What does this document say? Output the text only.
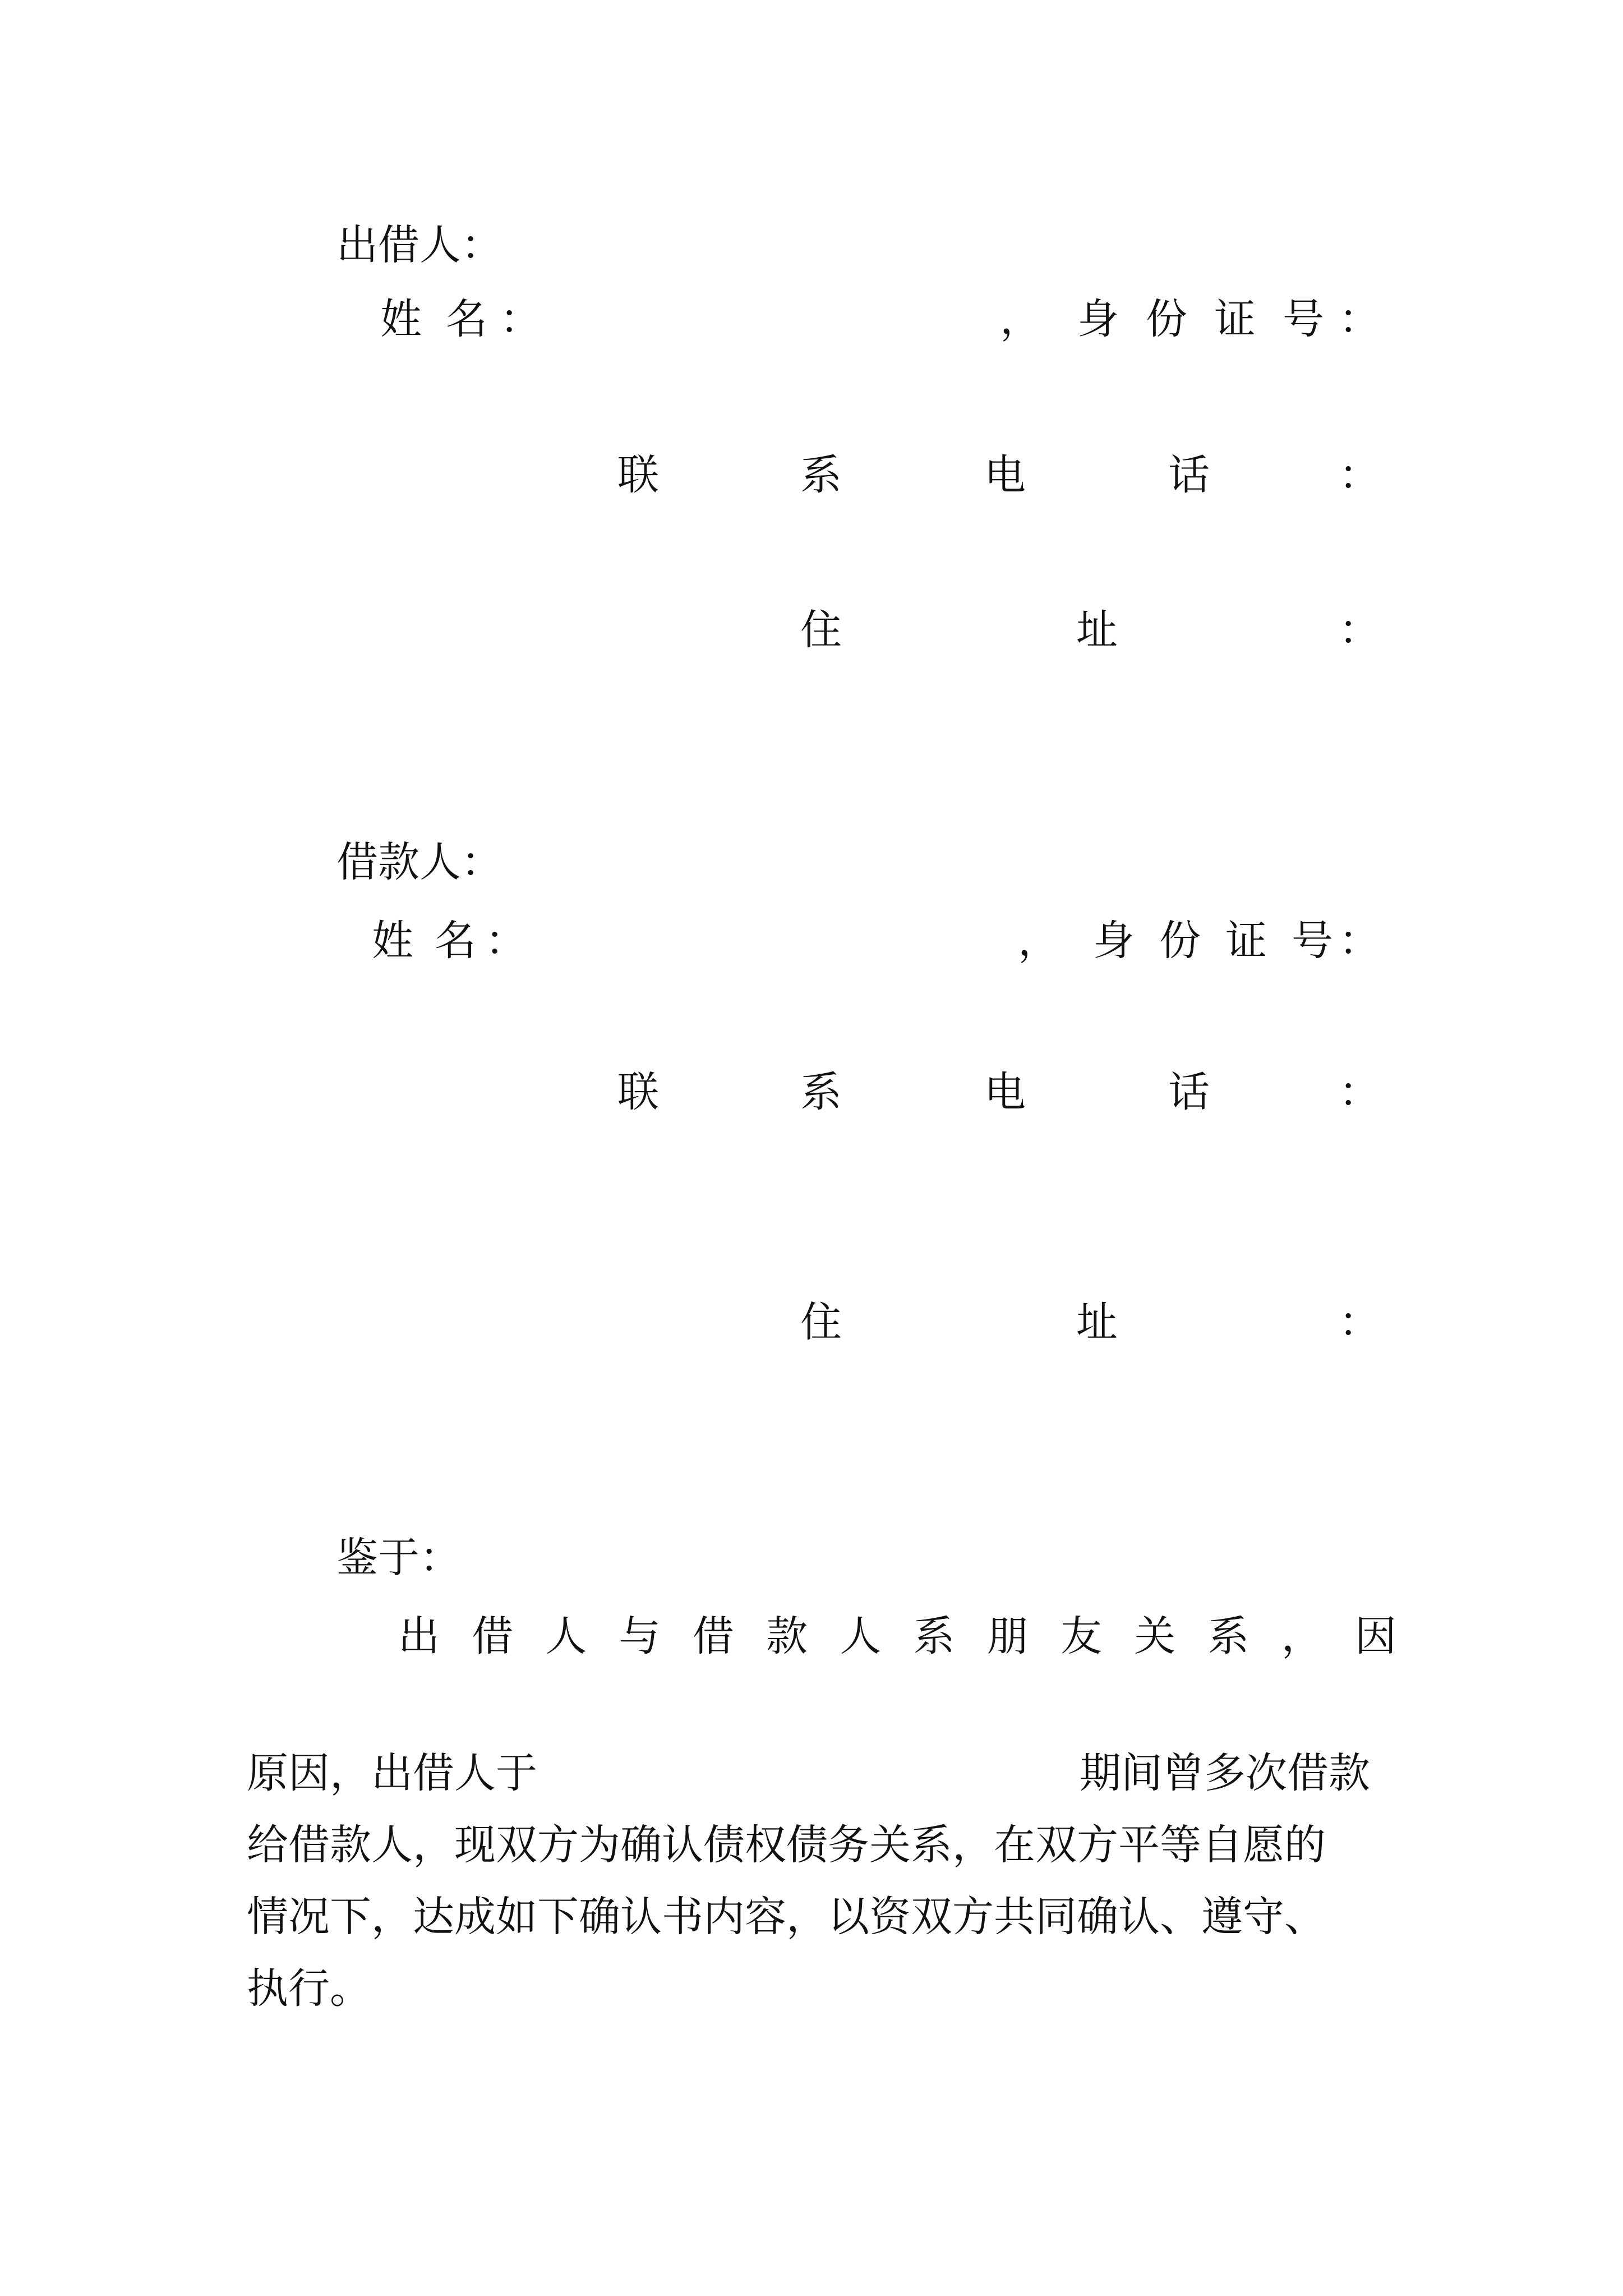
出借人：
姓 名 ：	， 身 份 证 号 ：
联	系	电	话	：
住	址	：
借款人：
姓 名 ：	， 身 份 证 号 ：
联	系	电	话	：
住	址	：
鉴于：
出 借 人 与 借 款 人 系 朋 友 关 系 ， 因
原因，出借人于	期间曾多次借款
给借款人，现双方为确认债权债务关系，在双方平等自愿的
情况下，达成如下确认书内容，以资双方共同确认、遵守、
执行。
